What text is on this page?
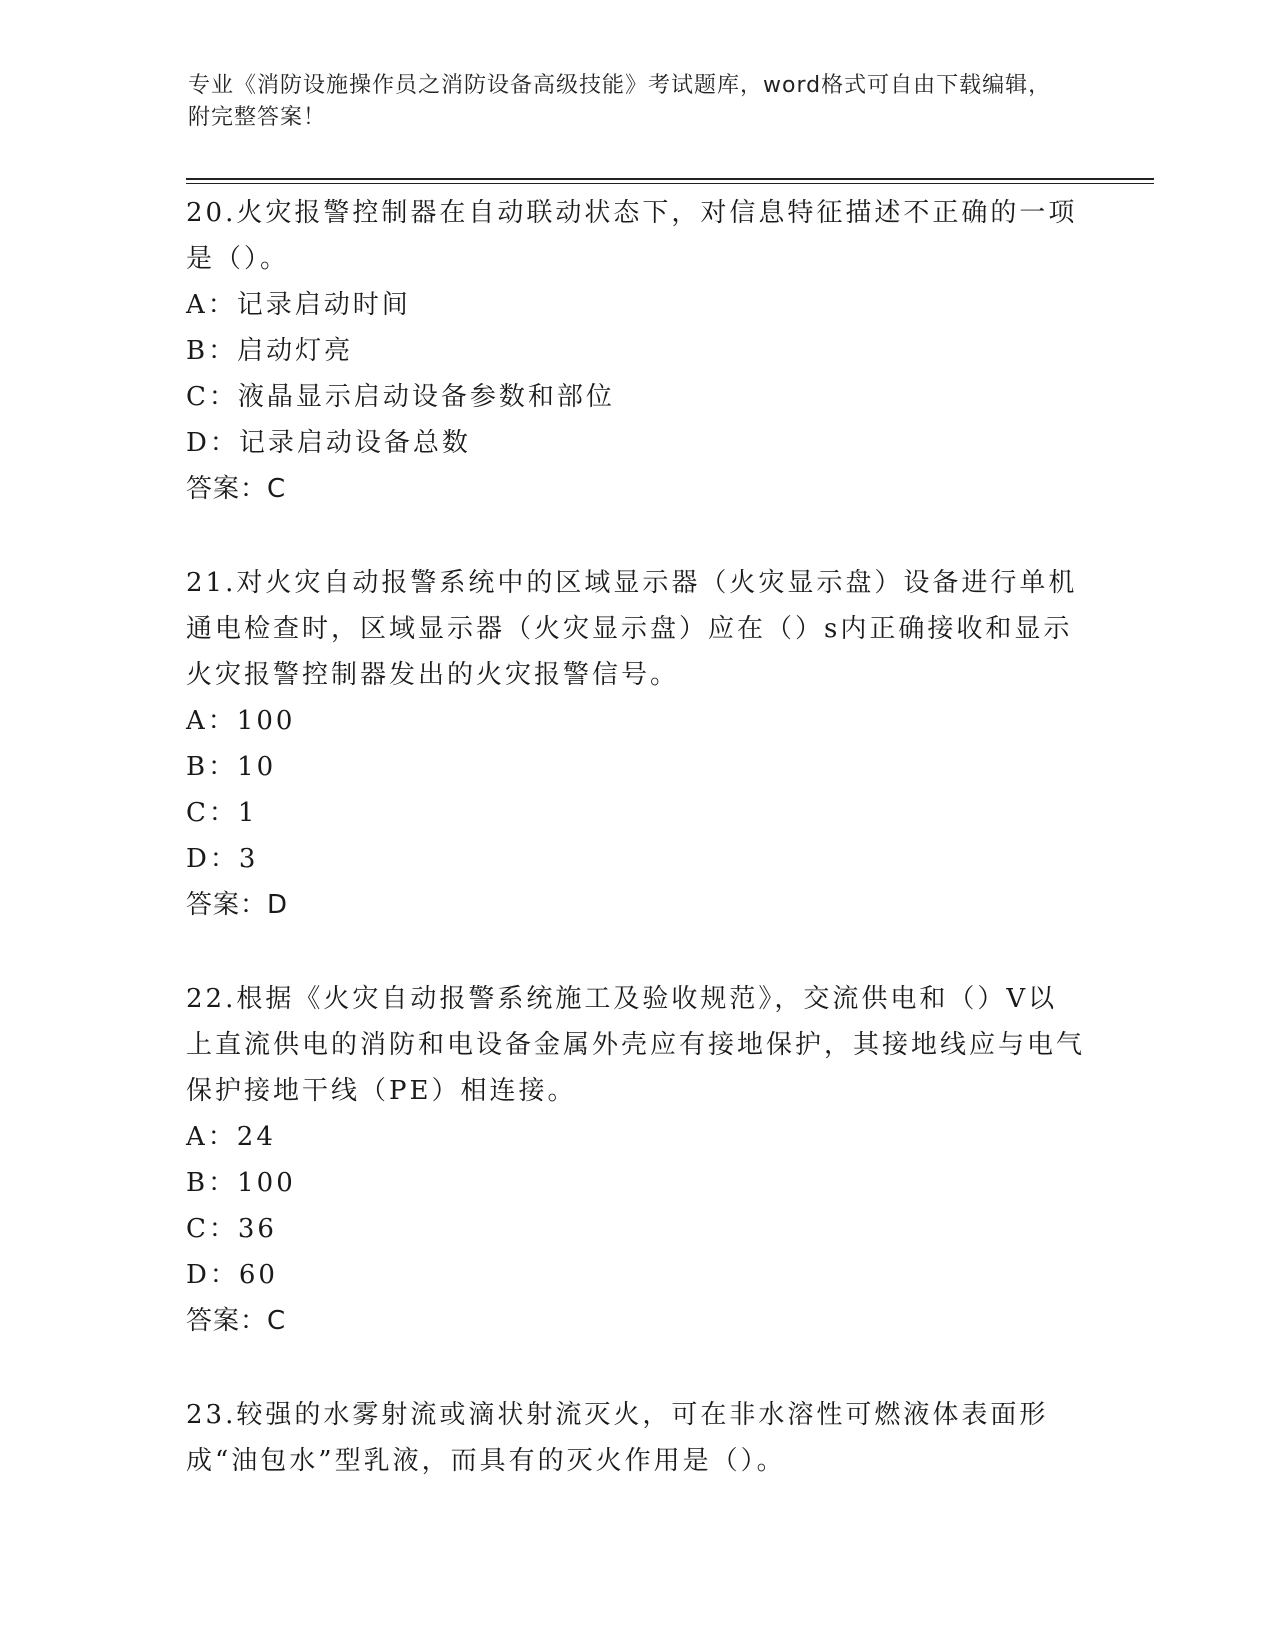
专业《消防设施操作员之消防设备高级技能》考试题库，word格式可自由下载编辑，附完整答案！

20.火灾报警控制器在自动联动状态下，对信息特征描述不正确的一项是（）。

A：记录启动时间

B：启动灯亮

C：液晶显示启动设备参数和部位

D：记录启动设备总数

答案：C

21.对火灾自动报警系统中的区域显示器（火灾显示盘）设备进行单机通电检查时，区域显示器（火灾显示盘）应在（）s内正确接收和显示火灾报警控制器发出的火灾报警信号。

A：100

B：10

C：1

D：3

答案：D

22.根据《火灾自动报警系统施工及验收规范》，交流供电和（）V以上直流供电的消防和电设备金属外壳应有接地保护，其接地线应与电气保护接地干线（PE）相连接。

A：24

B：100

C：36

D：60

答案：C

23.较强的水雾射流或滴状射流灭火，可在非水溶性可燃液体表面形成“油包水”型乳液，而具有的灭火作用是（）。
